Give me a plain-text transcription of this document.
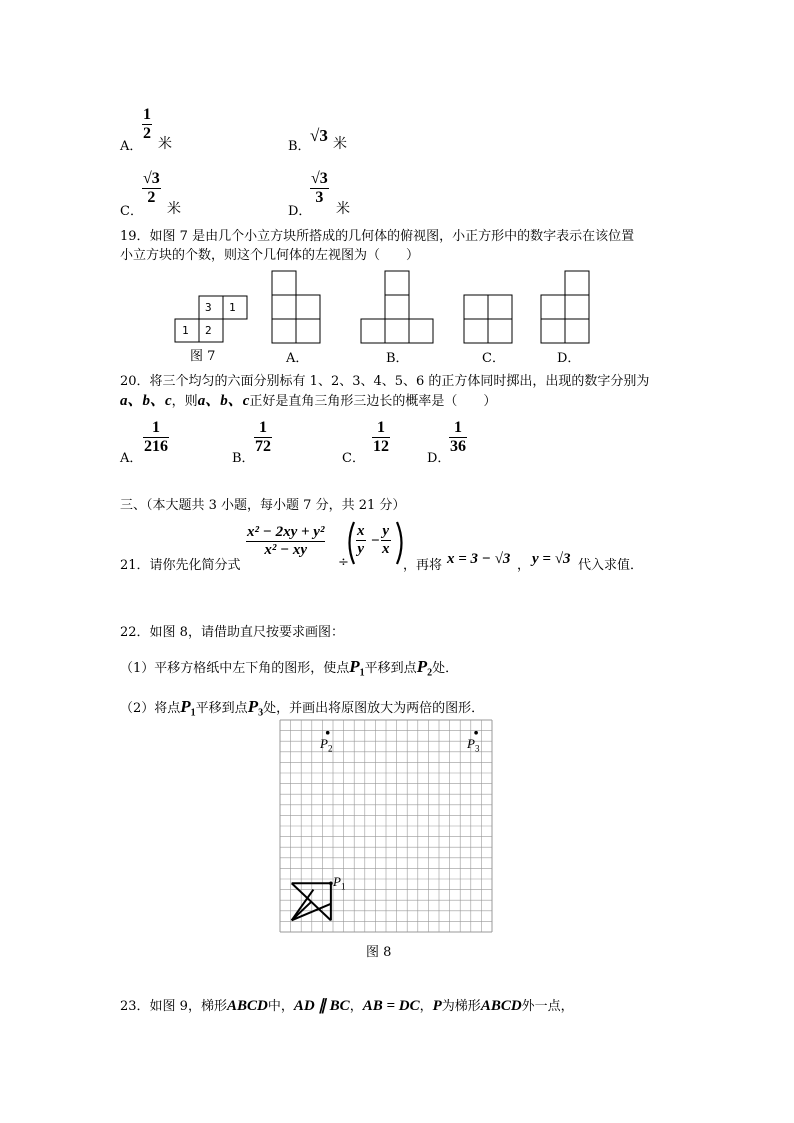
A．
$\frac{1}{2}$
米	B．
√3 米
C．
$\frac{√3}{2}$
米	D．
$\frac{√3}{3}$
米
19．如图 7 是由几个小立方块所搭成的几何体的俯视图，小正方形中的数字表示在该位置
小立方块的个数，则这个几何体的左视图为（　　）
3 1
1 2
图 7	A．	B．	C．	D．
20．将三个均匀的六面分别标有 1、2、3、4、5、6 的正方体同时掷出，出现的数字分别为
a、b、c，则a、b、c正好是直角三角形三边长的概率是（　　）
A．
$\frac{1}{216}$
B．
$\frac{1}{72}$
C．
$\frac{1}{12}$
D．
$\frac{1}{36}$
三、（本大题共 3 小题，每小题 7 分，共 21 分）
21．请你先化简分式
$\frac{\text{x² − 2xy + y²}}{\text{x² − xy}}$
÷
$\frac{x}{y} - \frac{y}{x}$
，再将 x = 3 − √3 ， y = √3 代入求值．
22．如图 8，请借助直尺按要求画图：
（1）平移方格纸中左下角的图形，使点$P_1$平移到点$P_2$处．
（2）将点$P_1$平移到点$P_3$处，并画出将原图放大为两倍的图形．
$P_2$	$P_3$
$P_1$
图 8
23．如图 9，梯形ABCD中，AD ∥ BC，AB = DC，P为梯形ABCD外一点，
